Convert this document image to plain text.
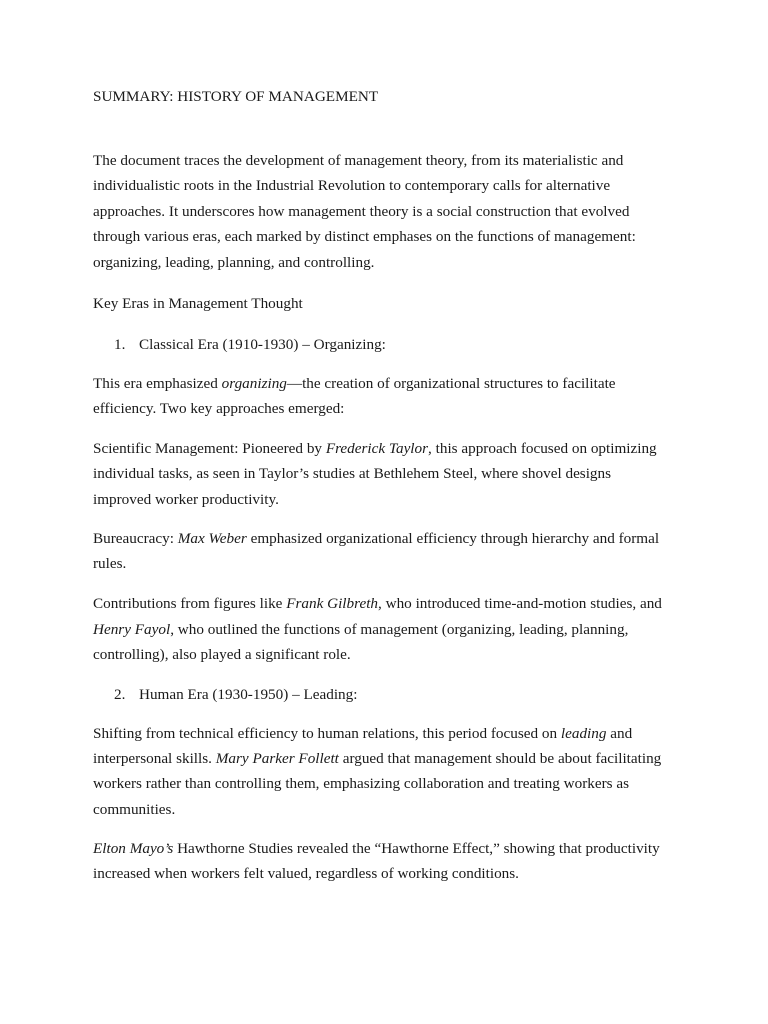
SUMMARY: HISTORY OF MANAGEMENT
The document traces the development of management theory, from its materialistic and
individualistic roots in the Industrial Revolution to contemporary calls for alternative
approaches. It underscores how management theory is a social construction that evolved
through various eras, each marked by distinct emphases on the functions of management:
organizing, leading, planning, and controlling.
Key Eras in Management Thought
1. Classical Era (1910-1930) – Organizing:
This era emphasized organizing—the creation of organizational structures to facilitate
efficiency. Two key approaches emerged:
Scientific Management: Pioneered by Frederick Taylor, this approach focused on optimizing
individual tasks, as seen in Taylor’s studies at Bethlehem Steel, where shovel designs
improved worker productivity.
Bureaucracy: Max Weber emphasized organizational efficiency through hierarchy and formal
rules.
Contributions from figures like Frank Gilbreth, who introduced time-and-motion studies, and
Henry Fayol, who outlined the functions of management (organizing, leading, planning,
controlling), also played a significant role.
2. Human Era (1930-1950) – Leading:
Shifting from technical efficiency to human relations, this period focused on leading and
interpersonal skills. Mary Parker Follett argued that management should be about facilitating
workers rather than controlling them, emphasizing collaboration and treating workers as
communities.
Elton Mayo’s Hawthorne Studies revealed the “Hawthorne Effect,” showing that productivity
increased when workers felt valued, regardless of working conditions.
